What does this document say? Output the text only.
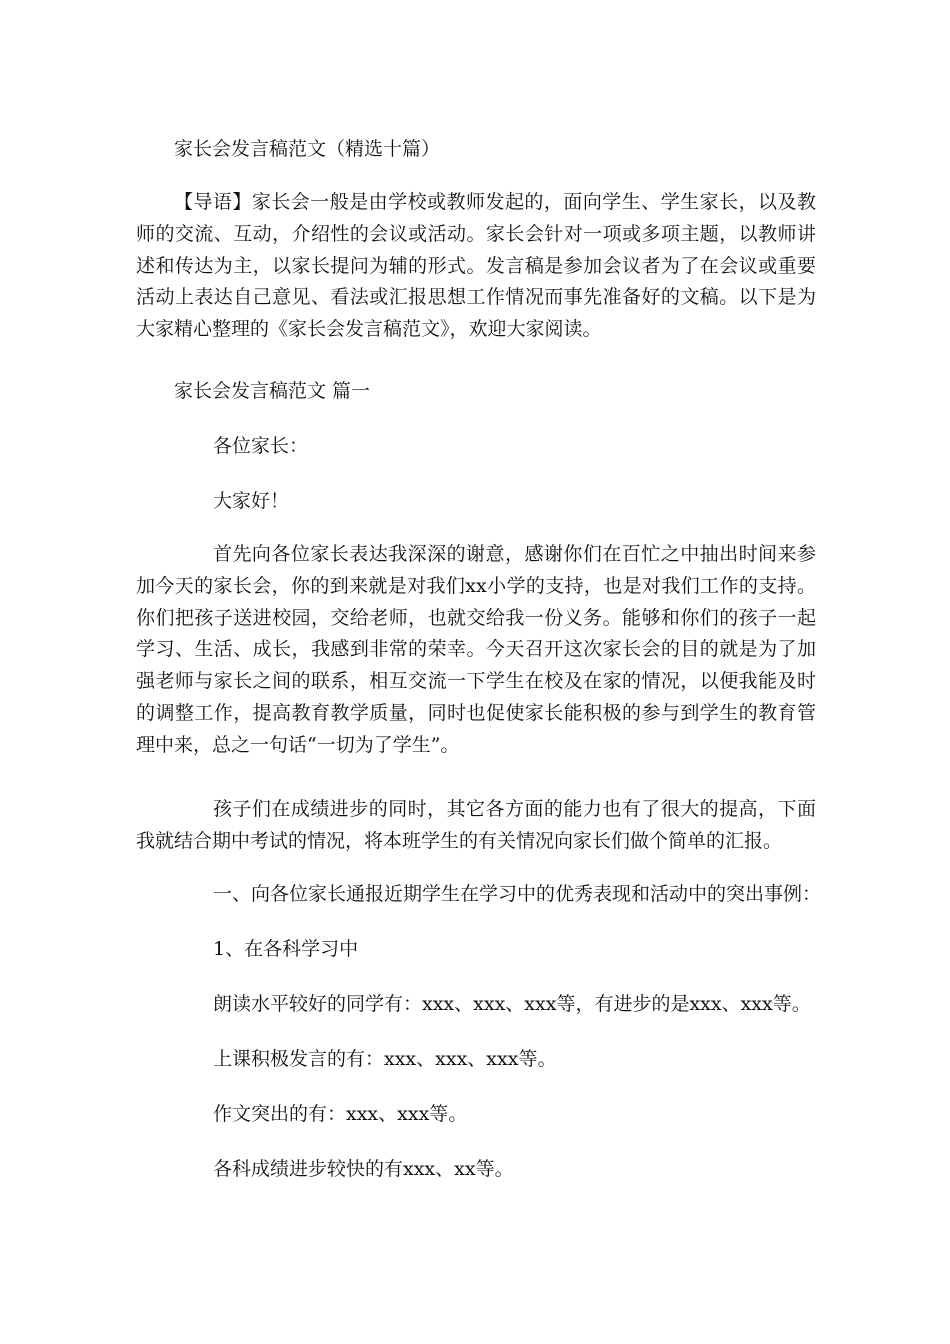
家长会发言稿范文（精选十篇）

【导语】家长会一般是由学校或教师发起的，面向学生、学生家长，以及教师的交流、互动，介绍性的会议或活动。家长会针对一项或多项主题，以教师讲述和传达为主，以家长提问为辅的形式。发言稿是参加会议者为了在会议或重要活动上表达自己意见、看法或汇报思想工作情况而事先准备好的文稿。以下是为大家精心整理的《家长会发言稿范文》，欢迎大家阅读。

家长会发言稿范文 篇一

各位家长：

大家好！

首先向各位家长表达我深深的谢意，感谢你们在百忙之中抽出时间来参加今天的家长会，你的到来就是对我们xx小学的支持，也是对我们工作的支持。你们把孩子送进校园，交给老师，也就交给我一份义务。能够和你们的孩子一起学习、生活、成长，我感到非常的荣幸。今天召开这次家长会的目的就是为了加强老师与家长之间的联系，相互交流一下学生在校及在家的情况，以便我能及时的调整工作，提高教育教学质量，同时也促使家长能积极的参与到学生的教育管理中来，总之一句话“一切为了学生”。

孩子们在成绩进步的同时，其它各方面的能力也有了很大的提高，下面我就结合期中考试的情况，将本班学生的有关情况向家长们做个简单的汇报。

一、向各位家长通报近期学生在学习中的优秀表现和活动中的突出事例：

1、在各科学习中

朗读水平较好的同学有：xxx、xxx、xxx等，有进步的是xxx、xxx等。

上课积极发言的有：xxx、xxx、xxx等。

作文突出的有：xxx、xxx等。

各科成绩进步较快的有xxx、xx等。
